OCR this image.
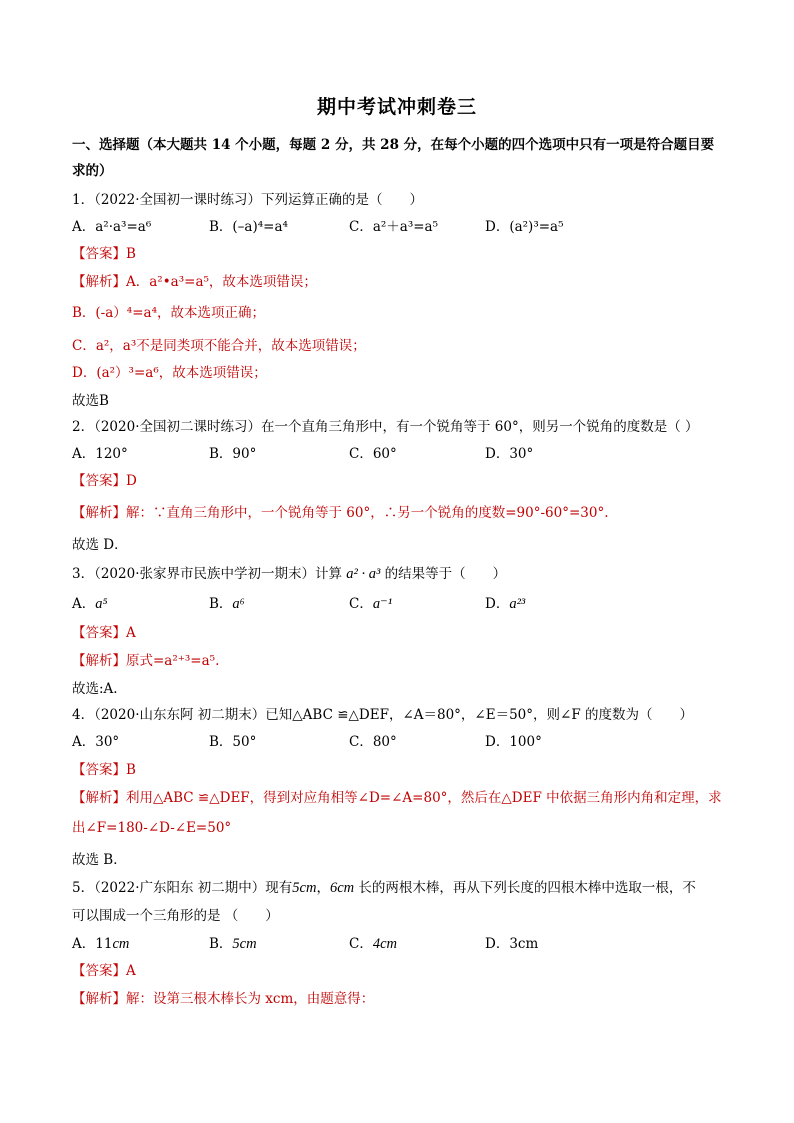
期中考试冲刺卷三
一、选择题（本大题共 14 个小题，每题 2 分，共 28 分，在每个小题的四个选项中只有一项是符合题目要
求的）
1．（2022·全国初一课时练习）下列运算正确的是（　　）
A．a²·a³=a⁶	B．(–a)⁴=a⁴	C．a²＋a³=a⁵	D．(a²)³=a⁵
【答案】B
【解析】A．a²•a³=a⁵，故本选项错误；
B．(-a）⁴=a⁴，故本选项正确；
C．a²，a³不是同类项不能合并，故本选项错误；
D．(a²）³=a⁶，故本选项错误；
故选B
2．（2020·全国初二课时练习）在一个直角三角形中，有一个锐角等于 60°，则另一个锐角的度数是（ ）
A．120°	B．90°	C．60°	D．30°
【答案】D
【解析】解：∵直角三角形中，一个锐角等于 60°，∴另一个锐角的度数=90°-60°=30°.
故选 D．
3．（2020·张家界市民族中学初一期末）计算 a² · a³ 的结果等于（　　）
A．a⁵	B．a⁶	C．a⁻¹	D．a²³
【答案】A
【解析】原式=a²⁺³=a⁵.
故选:A.
4．（2020·山东东阿 初二期末）已知△ABC ≌△DEF，∠A＝80°，∠E＝50°，则∠F 的度数为（　　）
A．30°	B．50°	C．80°	D．100°
【答案】B
【解析】利用△ABC ≌△DEF，得到对应角相等∠D=∠A=80°，然后在△DEF 中依据三角形内角和定理，求
出∠F=180-∠D-∠E=50°
故选 B．
5．（2022·广东阳东 初二期中）现有5cm，6cm 长的两根木棒，再从下列长度的四根木棒中选取一根，不
可以围成一个三角形的是 （　　）
A．11cm	B．5cm	C．4cm	D．3cm
【答案】A
【解析】解：设第三根木棒长为 xcm，由题意得：
